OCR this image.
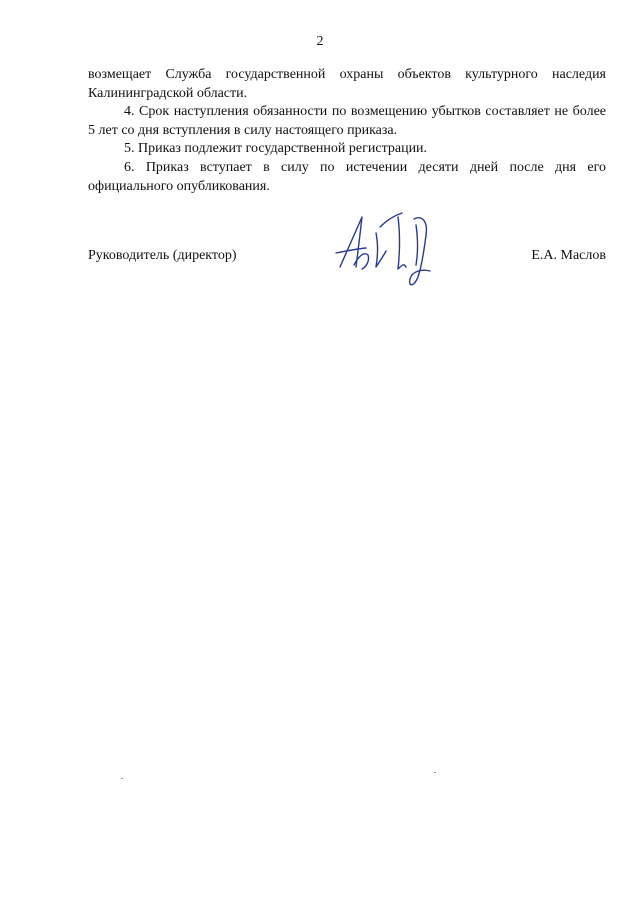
2

возмещает Служба государственной охраны объектов культурного наследия Калининградской области.

4. Срок наступления обязанности по возмещению убытков составляет не более 5 лет со дня вступления в силу настоящего приказа.

5. Приказ подлежит государственной регистрации.

6. Приказ вступает в силу по истечении десяти дней после дня его официального опубликования.

Руководитель (директор)	Е.А. Маслов
